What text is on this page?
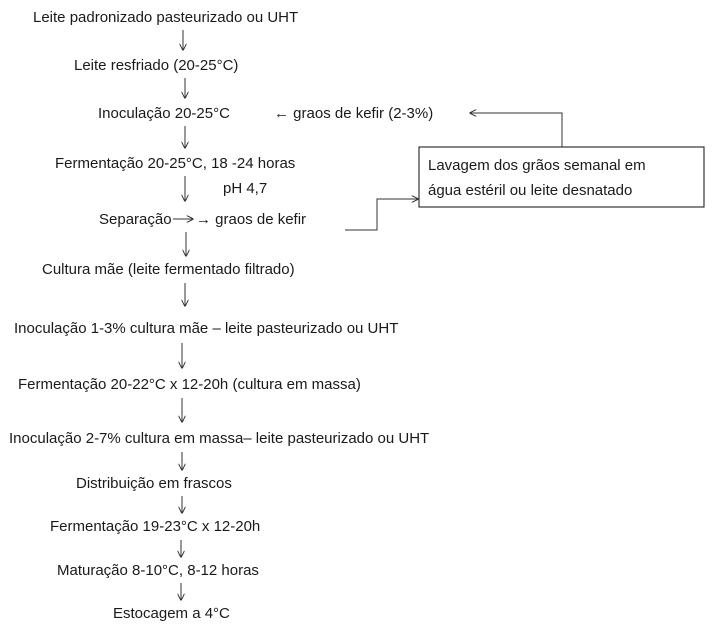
Leite padronizado pasteurizado ou UHT
Leite resfriado (20-25°C)
Inoculação 20-25°C	← graos de kefir (2-3%)
Fermentação 20-25°C, 18 -24 horas
pH 4,7
Separação → graos de kefir
Cultura mãe (leite fermentado filtrado)
Inoculação 1-3% cultura mãe – leite pasteurizado ou UHT
Fermentação 20-22°C x 12-20h (cultura em massa)
Inoculação 2-7% cultura em massa– leite pasteurizado ou UHT
Distribuição em frascos
Fermentação 19-23°C x 12-20h
Maturação 8-10°C, 8-12 horas
Estocagem a 4°C
Lavagem dos grãos semanal em
água estéril ou leite desnatado
